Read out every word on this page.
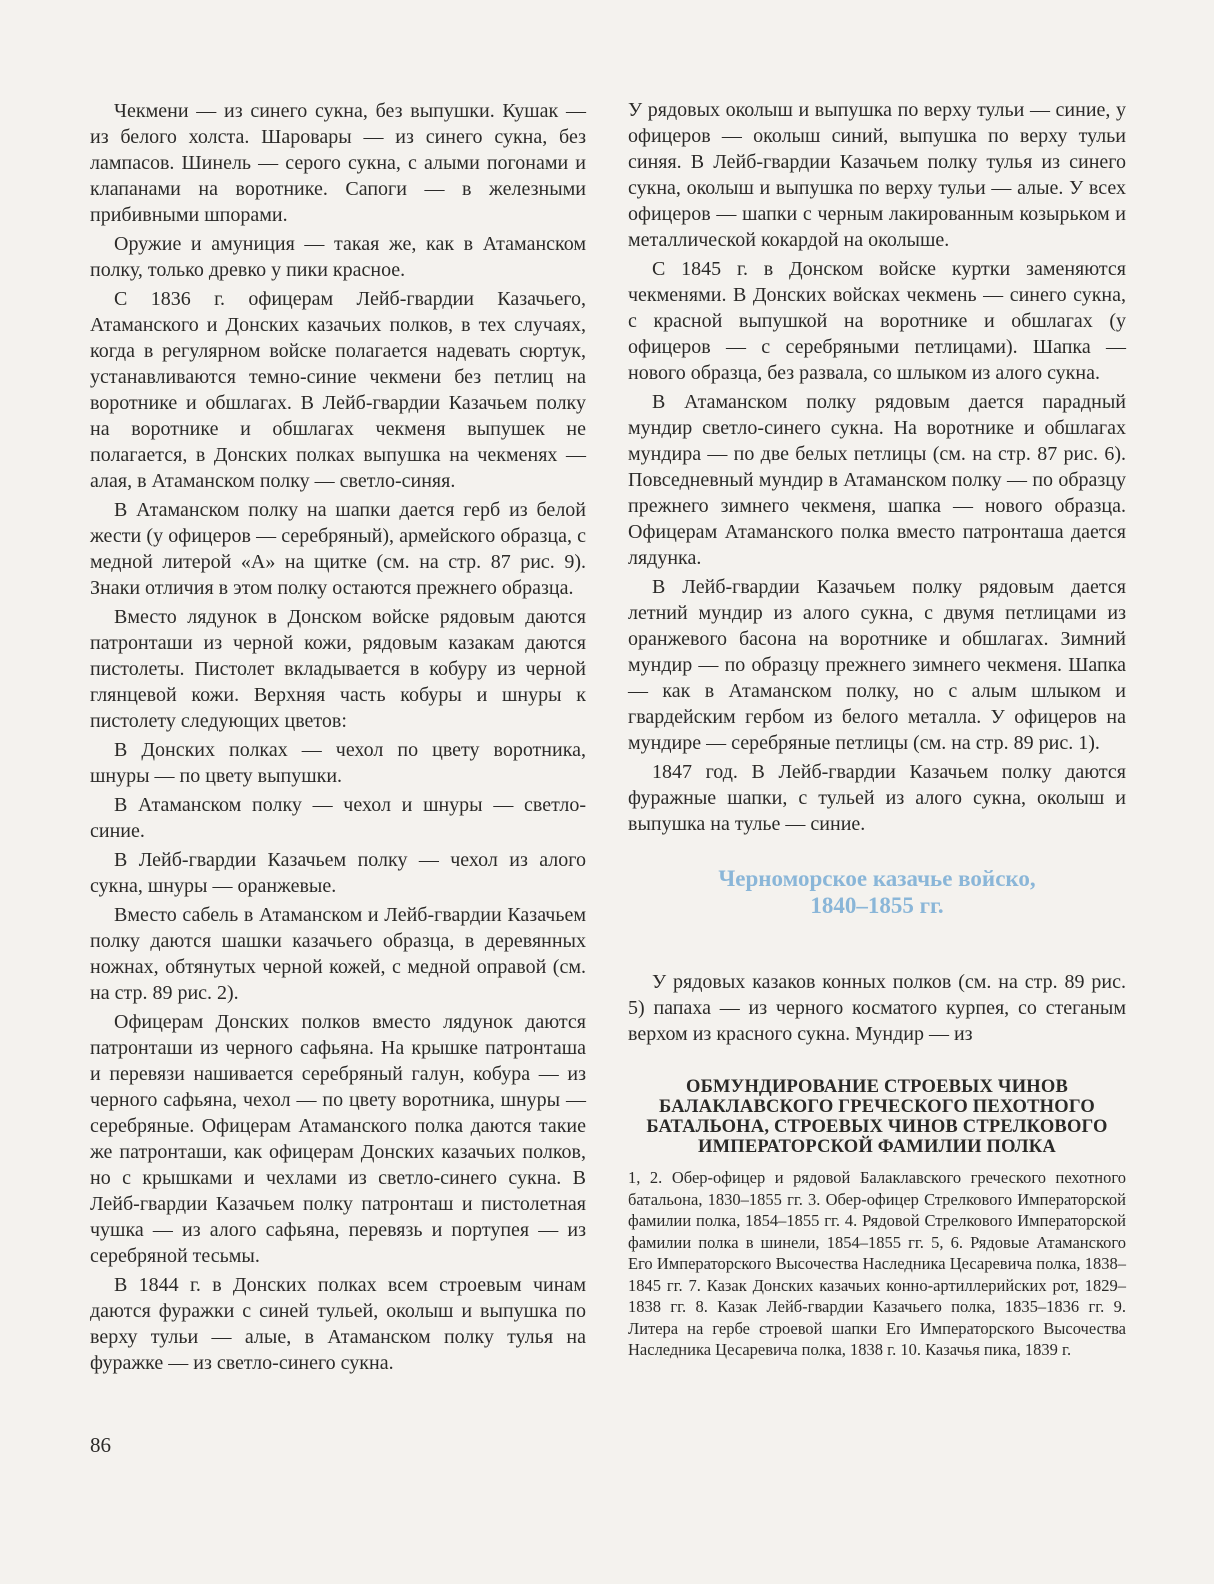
Чекмени — из синего сукна, без выпушки. Кушак — из белого холста. Шаровары — из синего сукна, без лампасов. Шинель — серого сукна, с алыми погонами и клапанами на воротнике. Сапоги — в железными прибивными шпорами.

Оружие и амуниция — такая же, как в Атаманском полку, только древко у пики красное.

С 1836 г. офицерам Лейб-гвардии Казачьего, Атаманского и Донских казачьих полков, в тех случаях, когда в регулярном войске полагается надевать сюртук, устанавливаются темно-синие чекмени без петлиц на воротнике и обшлагах. В Лейб-гвардии Казачьем полку на воротнике и обшлагах чекменя выпушек не полагается, в Донских полках выпушка на чекменях — алая, в Атаманском полку — светло-синяя.

В Атаманском полку на шапки дается герб из белой жести (у офицеров — серебряный), армейского образца, с медной литерой «А» на щитке (см. на стр. 87 рис. 9). Знаки отличия в этом полку остаются прежнего образца.

Вместо лядунок в Донском войске рядовым даются патронташи из черной кожи, рядовым казакам даются пистолеты. Пистолет вкладывается в кобуру из черной глянцевой кожи. Верхняя часть кобуры и шнуры к пистолету следующих цветов:

В Донских полках — чехол по цвету воротника, шнуры — по цвету выпушки.

В Атаманском полку — чехол и шнуры — светло-синие.

В Лейб-гвардии Казачьем полку — чехол из алого сукна, шнуры — оранжевые.

Вместо сабель в Атаманском и Лейб-гвардии Казачьем полку даются шашки казачьего образца, в деревянных ножнах, обтянутых черной кожей, с медной оправой (см. на стр. 89 рис. 2).

Офицерам Донских полков вместо лядунок даются патронташи из черного сафьяна. На крышке патронташа и перевязи нашивается серебряный галун, кобура — из черного сафьяна, чехол — по цвету воротника, шнуры — серебряные. Офицерам Атаманского полка даются такие же патронташи, как офицерам Донских казачьих полков, но с крышками и чехлами из светло-синего сукна. В Лейб-гвардии Казачьем полку патронташ и пистолетная чушка — из алого сафьяна, перевязь и портупея — из серебряной тесьмы.

В 1844 г. в Донских полках всем строевым чинам даются фуражки с синей тульей, околыш и выпушка по верху тульи — алые, в Атаманском полку тулья на фуражке — из светло-синего сукна.

У рядовых околыш и выпушка по верху тульи — синие, у офицеров — околыш синий, выпушка по верху тульи синяя. В Лейб-гвардии Казачьем полку тулья из синего сукна, околыш и выпушка по верху тульи — алые. У всех офицеров — шапки с черным лакированным козырьком и металлической кокардой на околыше.

С 1845 г. в Донском войске куртки заменяются чекменями. В Донских войсках чекмень — синего сукна, с красной выпушкой на воротнике и обшлагах (у офицеров — с серебряными петлицами). Шапка — нового образца, без развала, со шлыком из алого сукна.

В Атаманском полку рядовым дается парадный мундир светло-синего сукна. На воротнике и обшлагах мундира — по две белых петлицы (см. на стр. 87 рис. 6). Повседневный мундир в Атаманском полку — по образцу прежнего зимнего чекменя, шапка — нового образца. Офицерам Атаманского полка вместо патронташа дается лядунка.

В Лейб-гвардии Казачьем полку рядовым дается летний мундир из алого сукна, с двумя петлицами из оранжевого басона на воротнике и обшлагах. Зимний мундир — по образцу прежнего зимнего чекменя. Шапка — как в Атаманском полку, но с алым шлыком и гвардейским гербом из белого металла. У офицеров на мундире — серебряные петлицы (см. на стр. 89 рис. 1).

1847 год. В Лейб-гвардии Казачьем полку даются фуражные шапки, с тульей из алого сукна, околыш и выпушка на тулье — синие.

Черноморское казачье войско,
1840–1855 гг.

У рядовых казаков конных полков (см. на стр. 89 рис. 5) папаха — из черного косматого курпея, со стеганым верхом из красного сукна. Мундир — из

ОБМУНДИРОВАНИЕ СТРОЕВЫХ ЧИНОВ
БАЛАКЛАВСКОГО ГРЕЧЕСКОГО ПЕХОТНОГО
БАТАЛЬОНА, СТРОЕВЫХ ЧИНОВ СТРЕЛКОВОГО
ИМПЕРАТОРСКОЙ ФАМИЛИИ ПОЛКА

1, 2. Обер-офицер и рядовой Балаклавского греческого пехотного батальона, 1830–1855 гг. 3. Обер-офицер Стрелкового Императорской фамилии полка, 1854–1855 гг. 4. Рядовой Стрелкового Императорской фамилии полка в шинели, 1854–1855 гг. 5, 6. Рядовые Атаманского Его Императорского Высочества Наследника Цесаревича полка, 1838–1845 гг. 7. Казак Донских казачьих конно-артиллерийских рот, 1829–1838 гг. 8. Казак Лейб-гвардии Казачьего полка, 1835–1836 гг. 9. Литера на гербе строевой шапки Его Императорского Высочества Наследника Цесаревича полка, 1838 г. 10. Казачья пика, 1839 г.

86
